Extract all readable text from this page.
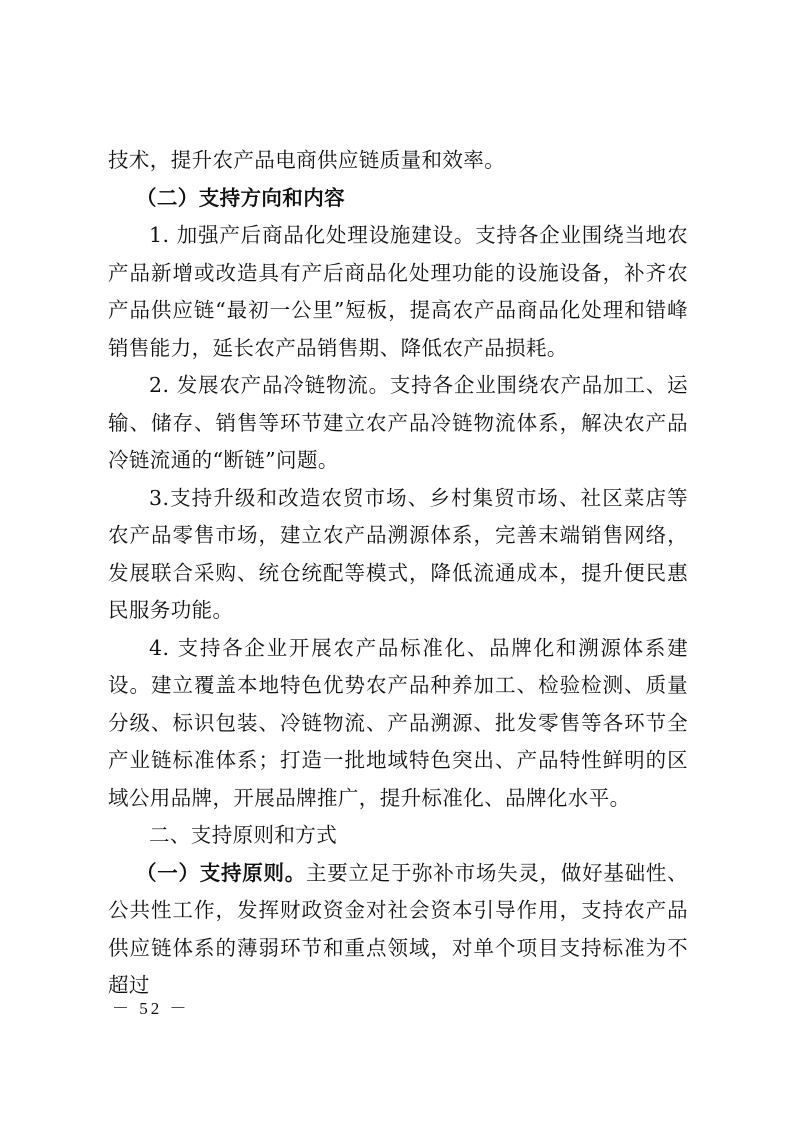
技术，提升农产品电商供应链质量和效率。

（二）支持方向和内容

1. 加强产后商品化处理设施建设。支持各企业围绕当地农产品新增或改造具有产后商品化处理功能的设施设备，补齐农产品供应链“最初一公里”短板，提高农产品商品化处理和错峰销售能力，延长农产品销售期、降低农产品损耗。

2. 发展农产品冷链物流。支持各企业围绕农产品加工、运输、储存、销售等环节建立农产品冷链物流体系，解决农产品冷链流通的“断链”问题。

3.支持升级和改造农贸市场、乡村集贸市场、社区菜店等农产品零售市场，建立农产品溯源体系，完善末端销售网络，发展联合采购、统仓统配等模式，降低流通成本，提升便民惠民服务功能。

4. 支持各企业开展农产品标准化、品牌化和溯源体系建设。建立覆盖本地特色优势农产品种养加工、检验检测、质量分级、标识包装、冷链物流、产品溯源、批发零售等各环节全产业链标准体系；打造一批地域特色突出、产品特性鲜明的区域公用品牌，开展品牌推广，提升标准化、品牌化水平。

二、支持原则和方式

（一）支持原则。主要立足于弥补市场失灵，做好基础性、公共性工作，发挥财政资金对社会资本引导作用，支持农产品供应链体系的薄弱环节和重点领域，对单个项目支持标准为不超过

－ 52 －
